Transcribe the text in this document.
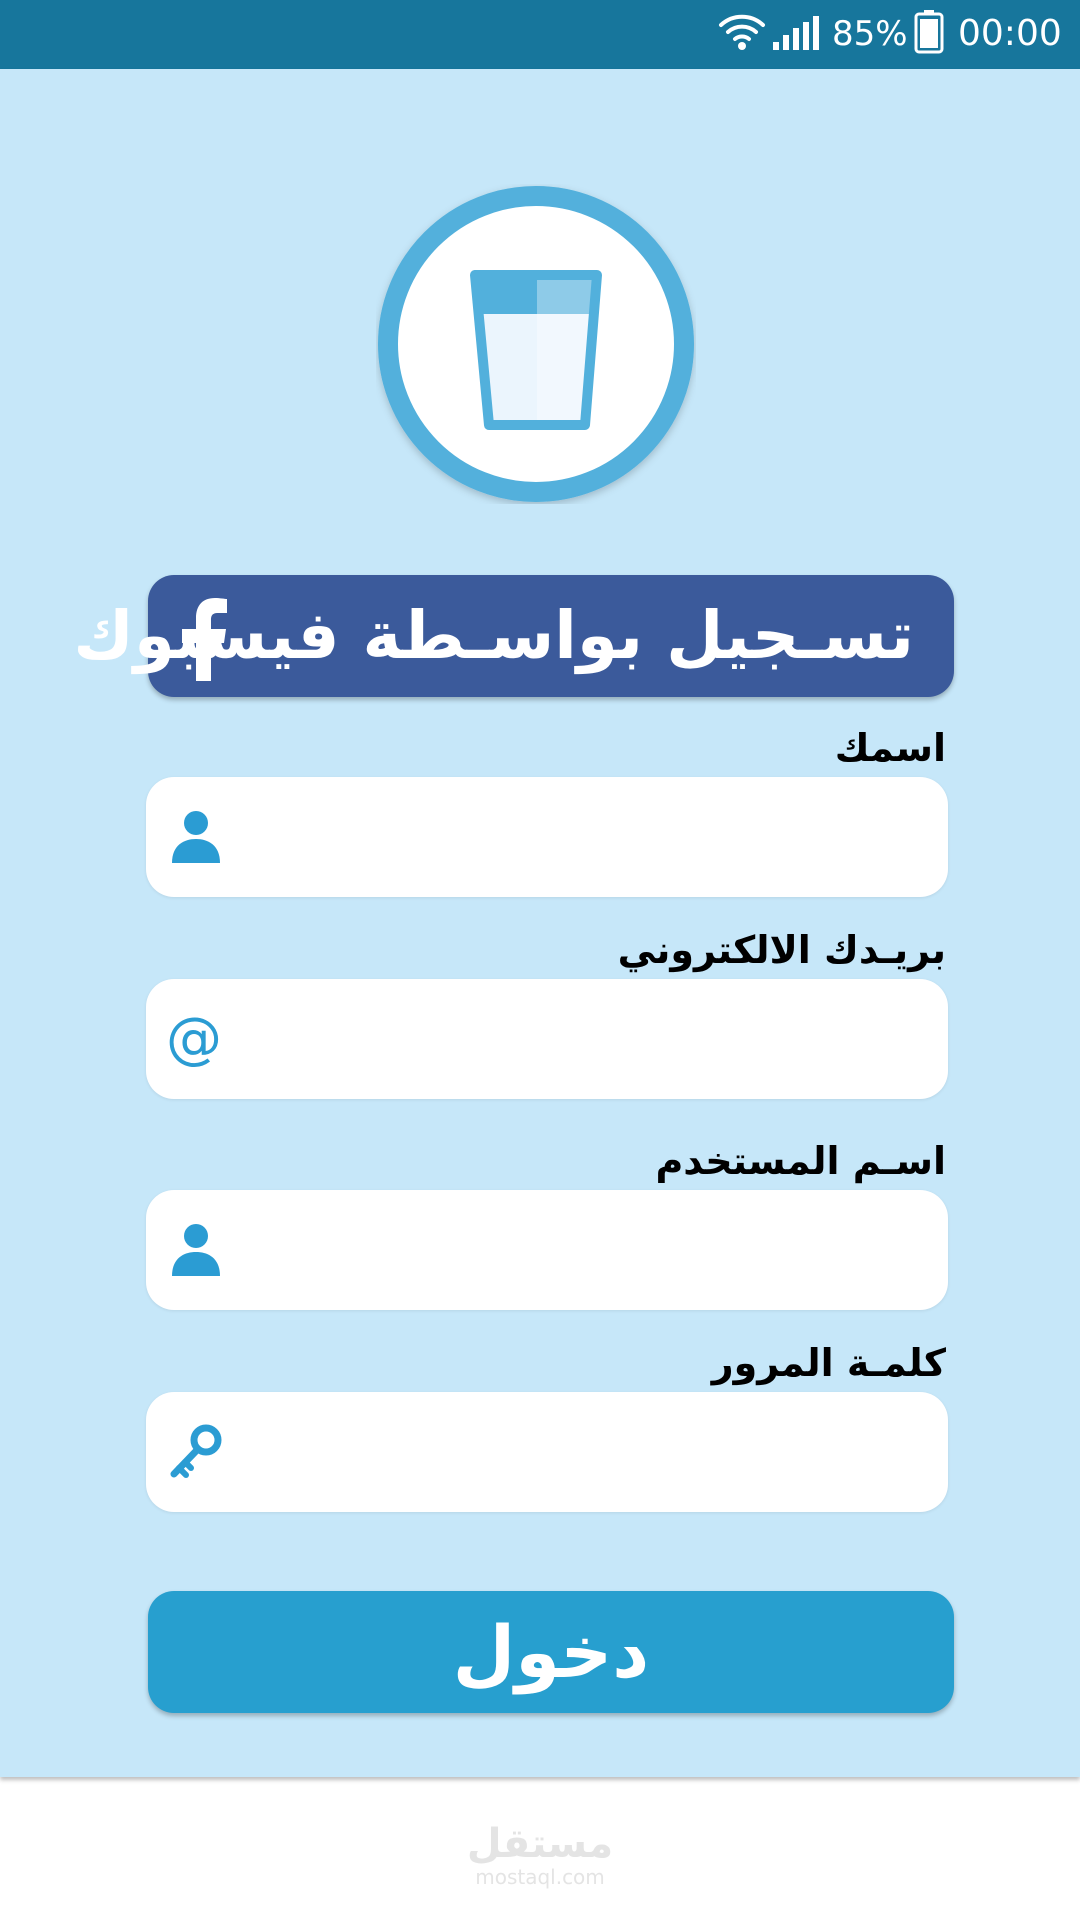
85% 00:00
تسـجيل بواسـطة فيسبوك
اسمك
بريـدك الالكتروني
@
اسـم المستخدم
كلمـة المرور
دخول
مستقل
mostaql.com
